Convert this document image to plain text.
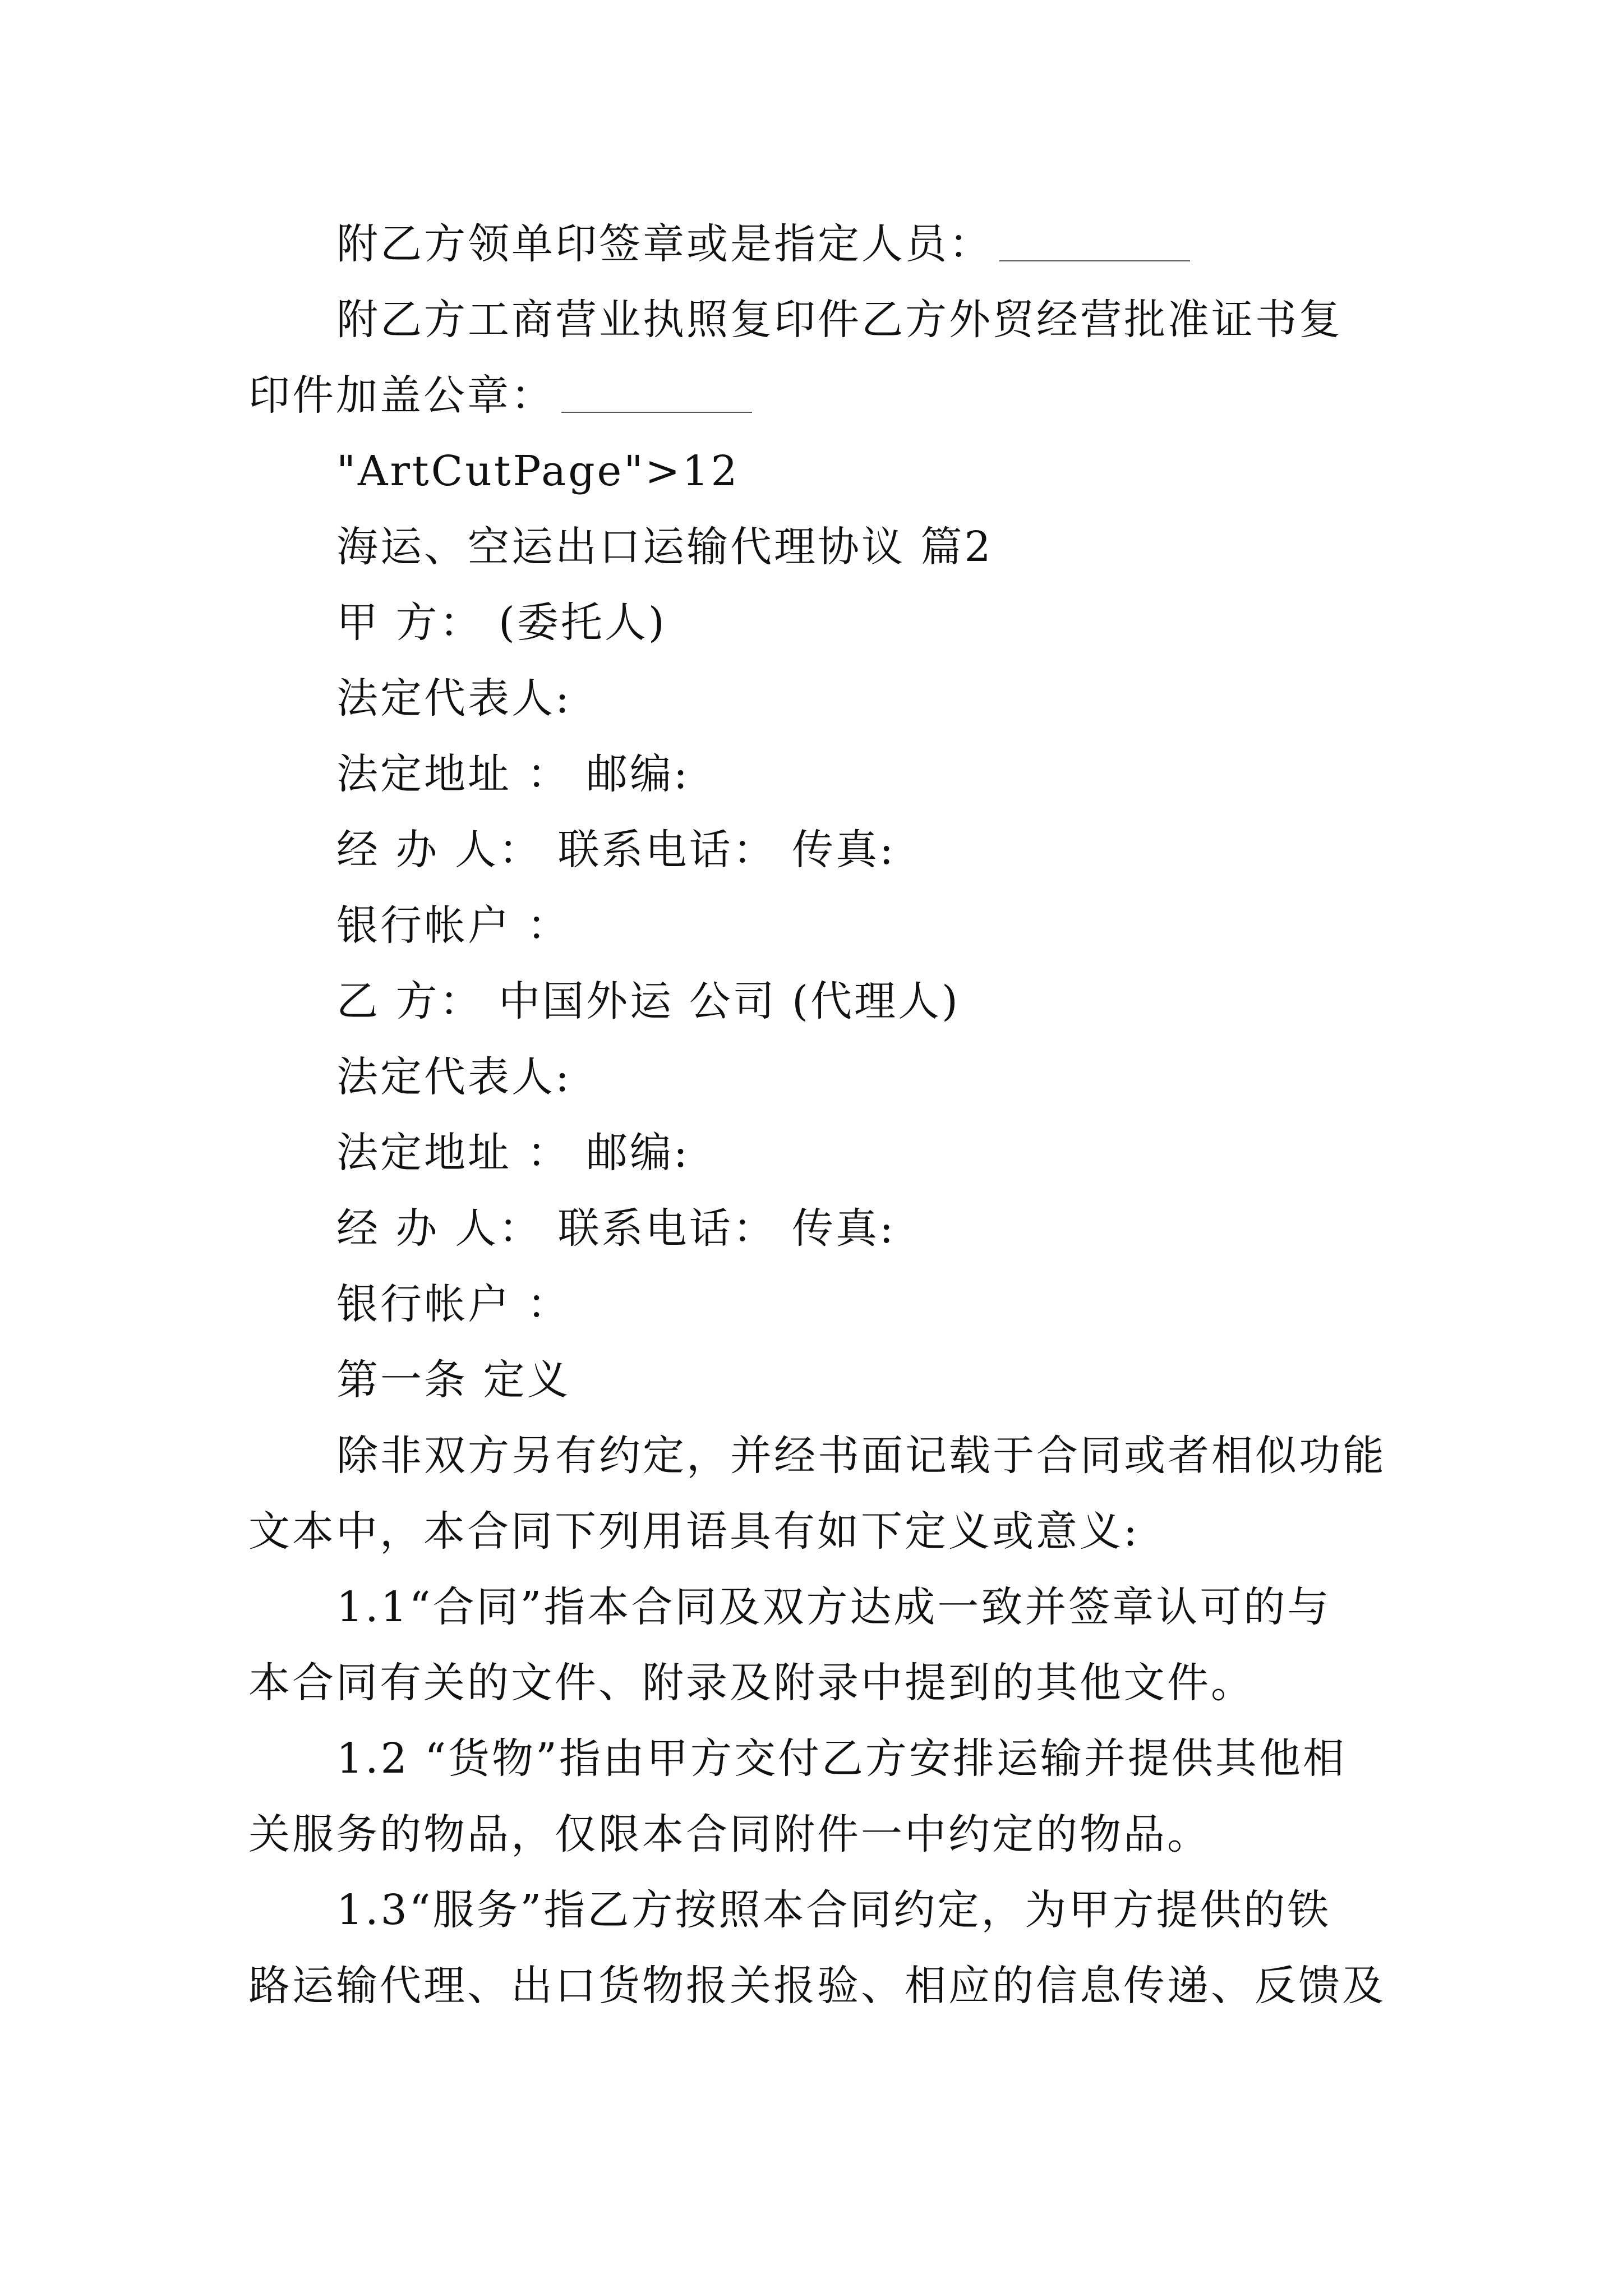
附乙方领单印签章或是指定人员：
附乙方工商营业执照复印件乙方外贸经营批准证书复
印件加盖公章：
"ArtCutPage">12
海运、空运出口运输代理协议 篇2
甲 方： (委托人)
法定代表人:
法定地址 ： 邮编:
经 办 人： 联系电话： 传真:
银行帐户 ：
乙 方： 中国外运 公司 (代理人)
法定代表人:
法定地址 ： 邮编:
经 办 人： 联系电话： 传真:
银行帐户 ：
第一条 定义
除非双方另有约定，并经书面记载于合同或者相似功能
文本中，本合同下列用语具有如下定义或意义:
1.1“合同”指本合同及双方达成一致并签章认可的与
本合同有关的文件、附录及附录中提到的其他文件。
1.2 “货物”指由甲方交付乙方安排运输并提供其他相
关服务的物品，仅限本合同附件一中约定的物品。
1.3“服务”指乙方按照本合同约定，为甲方提供的铁
路运输代理、出口货物报关报验、相应的信息传递、反馈及
